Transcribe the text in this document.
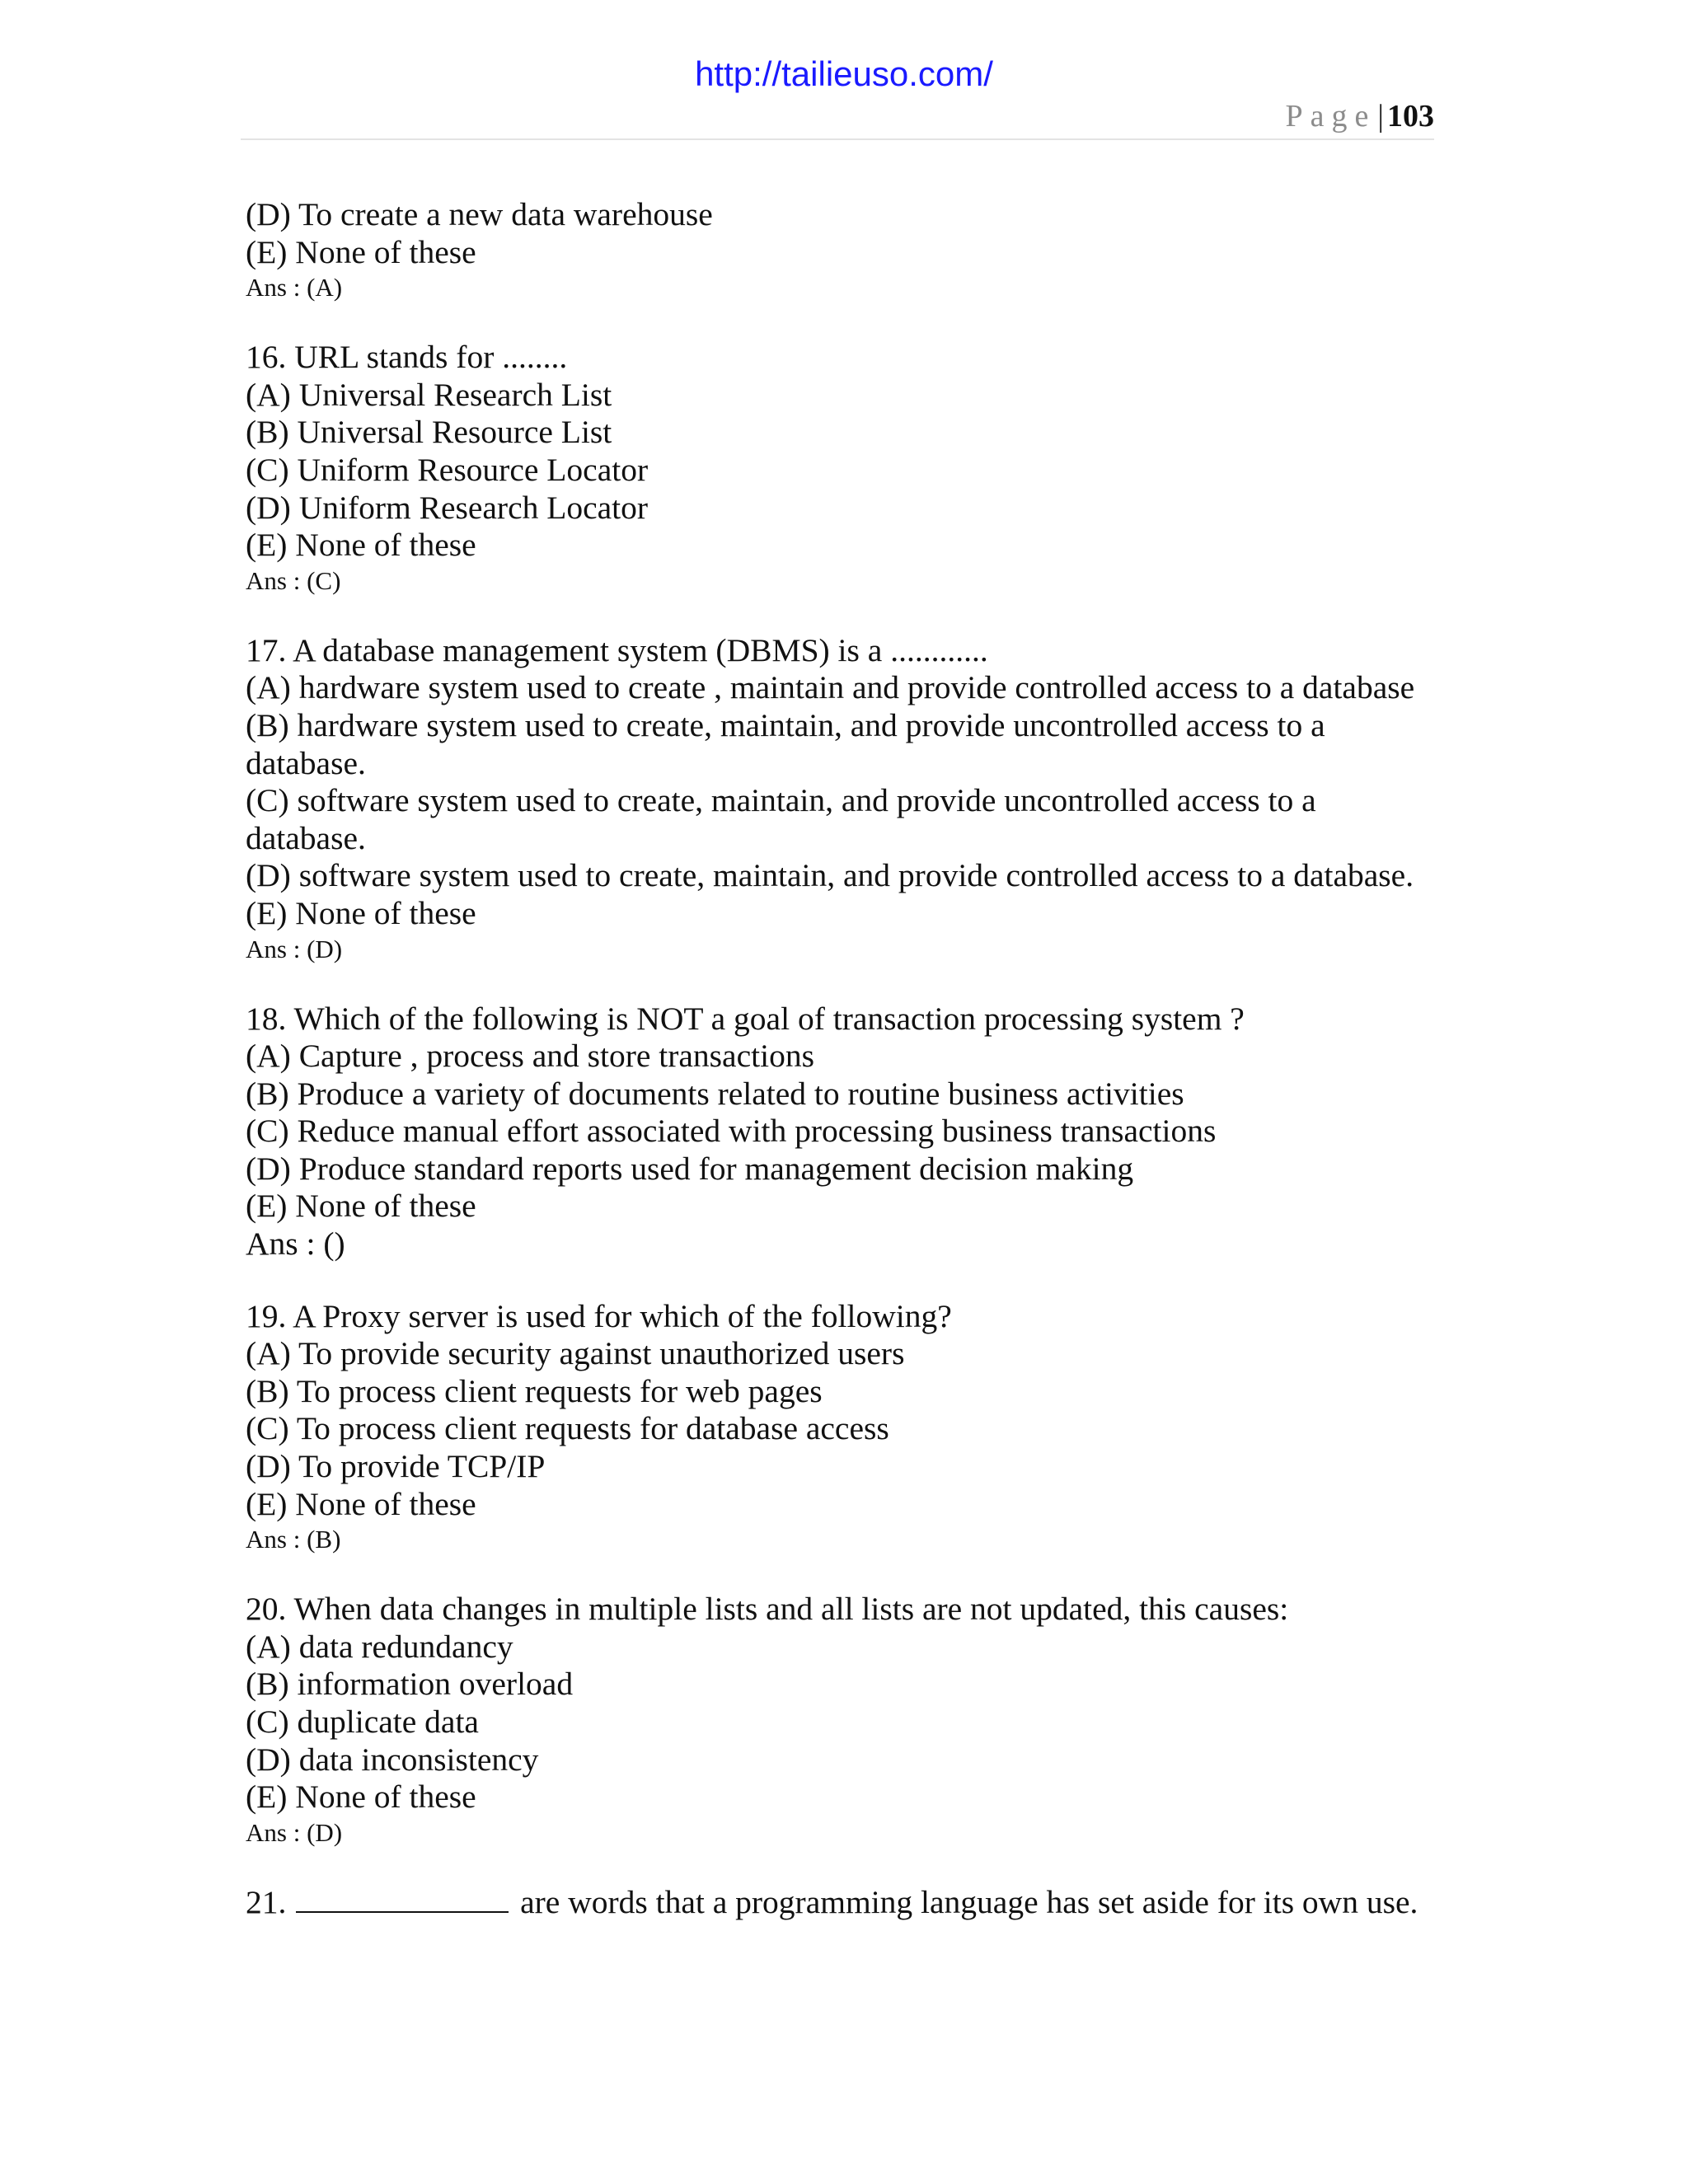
http://tailieuso.com/
Page| 103
(D) To create a new data warehouse
(E) None of these
Ans : (A)
16. URL stands for ........
(A) Universal Research List
(B) Universal Resource List
(C) Uniform Resource Locator
(D) Uniform Research Locator
(E) None of these
Ans : (C)
17. A database management system (DBMS) is a ............
(A) hardware system used to create , maintain and provide controlled access to a database
(B) hardware system used to create, maintain, and provide uncontrolled access to a
database.
(C) software system used to create, maintain, and provide uncontrolled access to a
database.
(D) software system used to create, maintain, and provide controlled access to a database.
(E) None of these
Ans : (D)
18. Which of the following is NOT a goal of transaction processing system ?
(A) Capture , process and store transactions
(B) Produce a variety of documents related to routine business activities
(C) Reduce manual effort associated with processing business transactions
(D) Produce standard reports used for management decision making
(E) None of these
Ans : ()
19. A Proxy server is used for which of the following?
(A) To provide security against unauthorized users
(B) To process client requests for web pages
(C) To process client requests for database access
(D) To provide TCP/IP
(E) None of these
Ans : (B)
20. When data changes in multiple lists and all lists are not updated, this causes:
(A) data redundancy
(B) information overload
(C) duplicate data
(D) data inconsistency
(E) None of these
Ans : (D)
21.	are words that a programming language has set aside for its own use.
